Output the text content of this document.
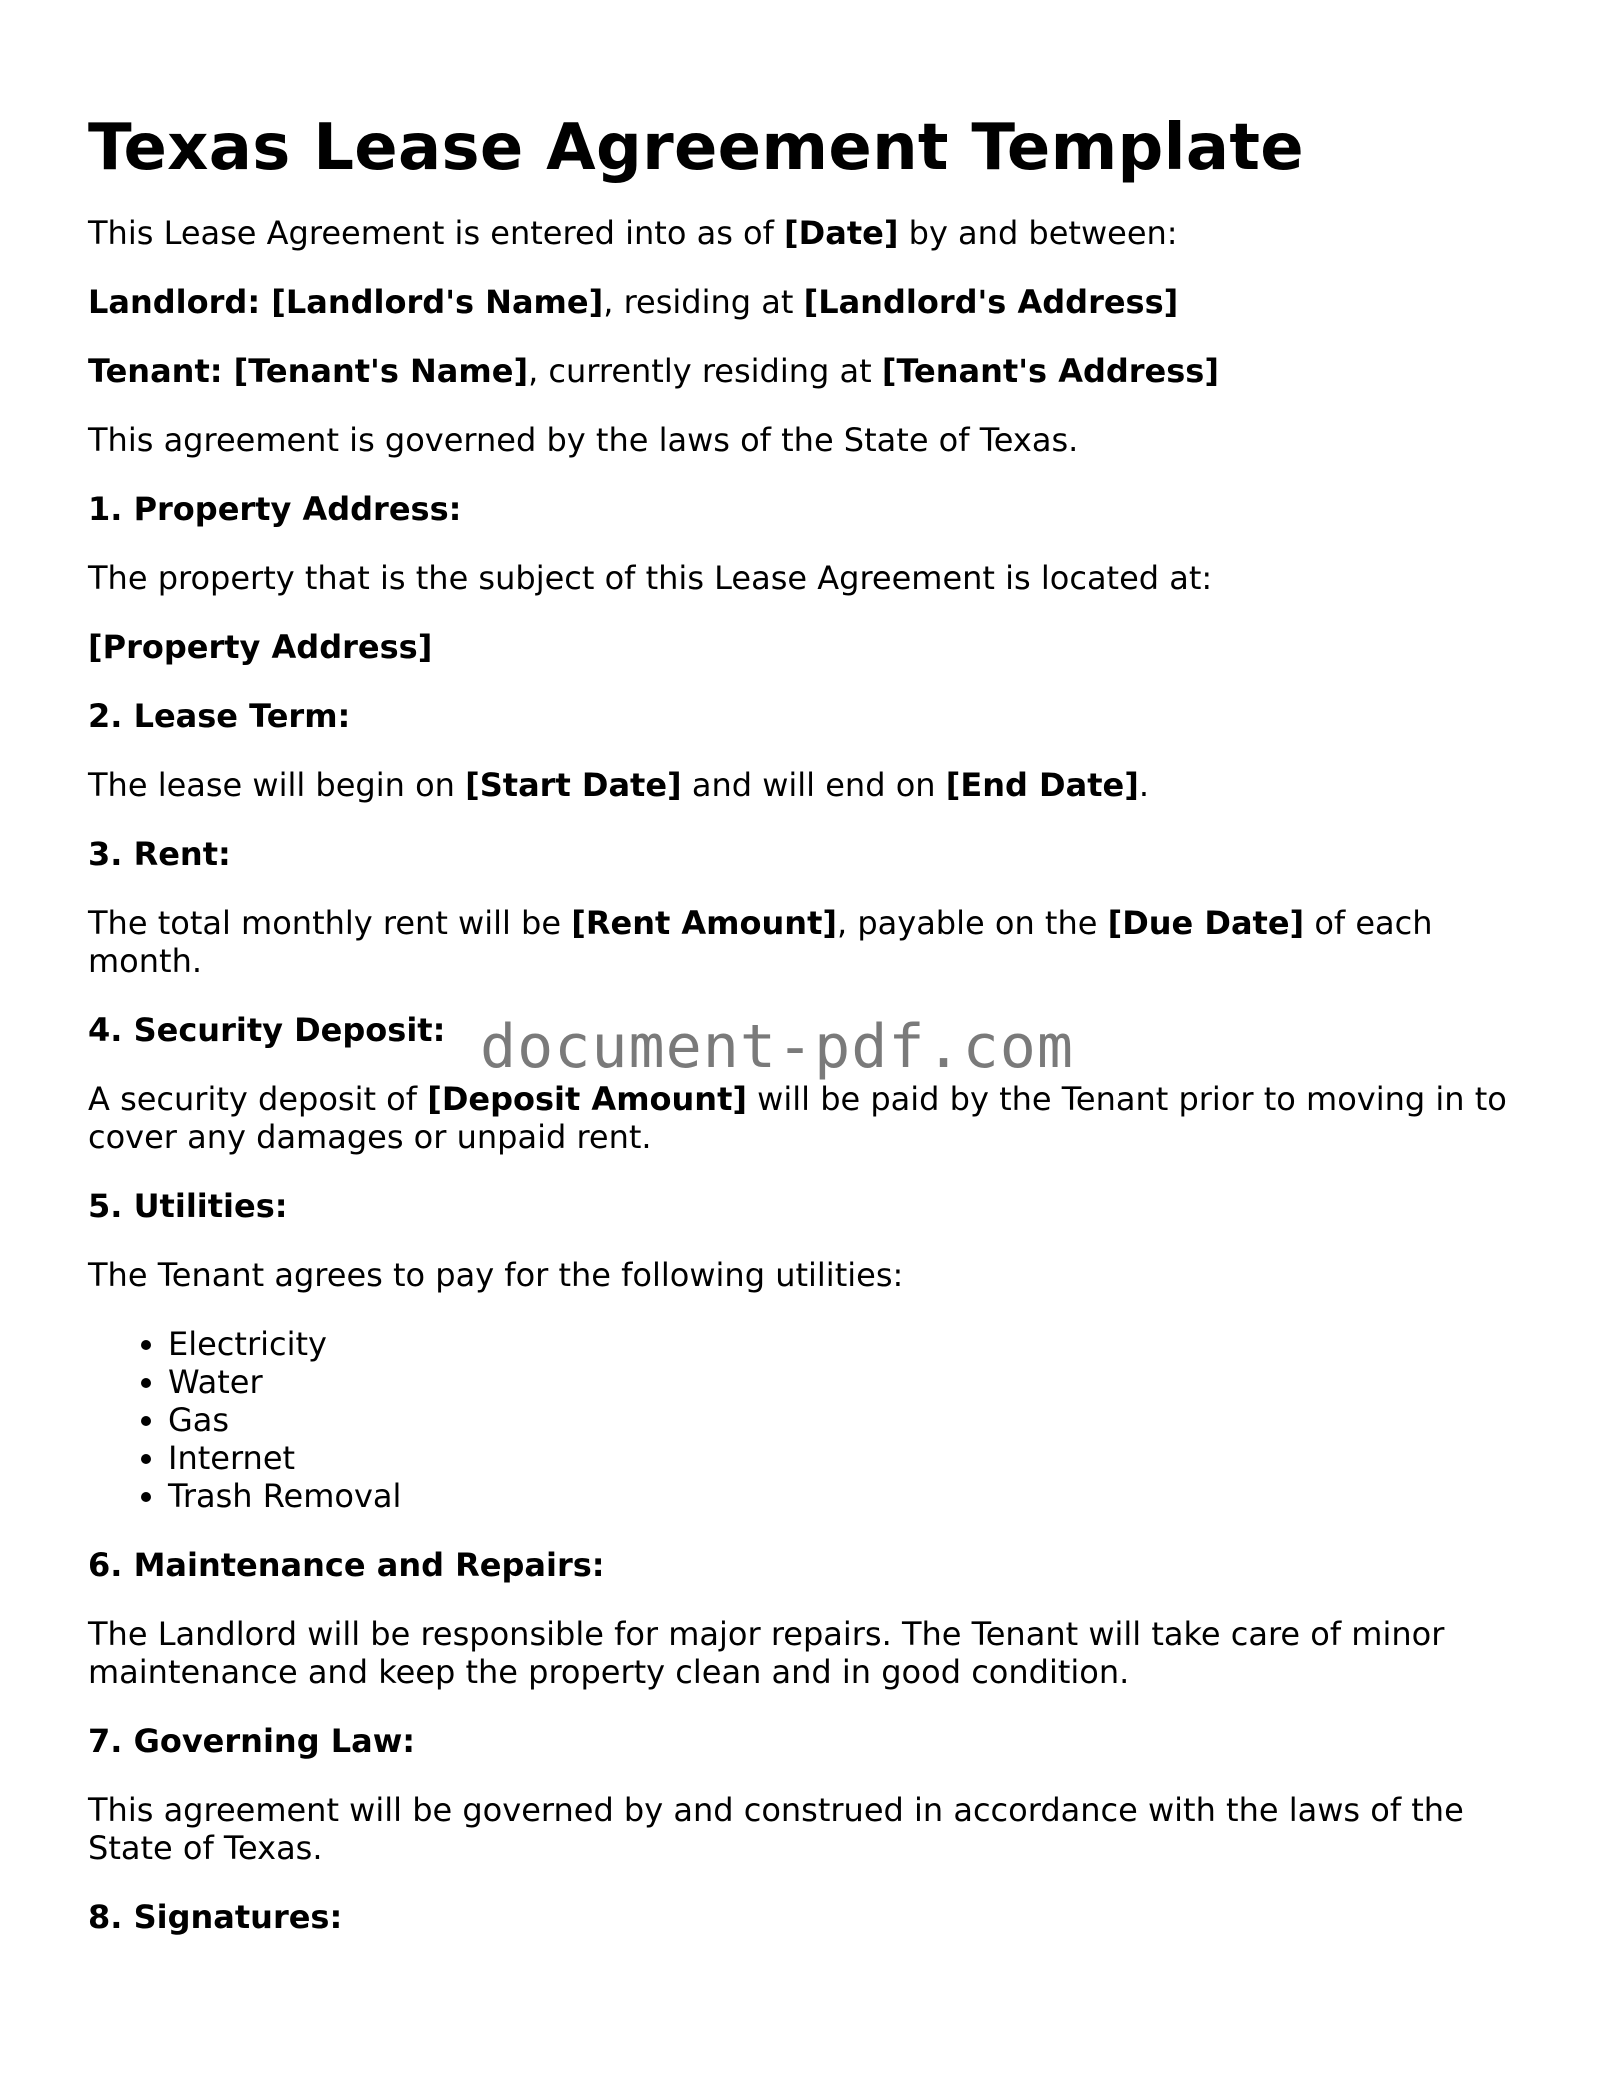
Texas Lease Agreement Template

This Lease Agreement is entered into as of [Date] by and between:

Landlord: [Landlord's Name], residing at [Landlord's Address]

Tenant: [Tenant's Name], currently residing at [Tenant's Address]

This agreement is governed by the laws of the State of Texas.

1. Property Address:

The property that is the subject of this Lease Agreement is located at:

[Property Address]

2. Lease Term:

The lease will begin on [Start Date] and will end on [End Date].

3. Rent:

The total monthly rent will be [Rent Amount], payable on the [Due Date] of each month.

4. Security Deposit:

A security deposit of [Deposit Amount] will be paid by the Tenant prior to moving in to cover any damages or unpaid rent.

5. Utilities:

The Tenant agrees to pay for the following utilities:

• Electricity
• Water
• Gas
• Internet
• Trash Removal
6. Maintenance and Repairs:

The Landlord will be responsible for major repairs. The Tenant will take care of minor maintenance and keep the property clean and in good condition.

7. Governing Law:

This agreement will be governed by and construed in accordance with the laws of the State of Texas.

8. Signatures:
document-pdf.com
